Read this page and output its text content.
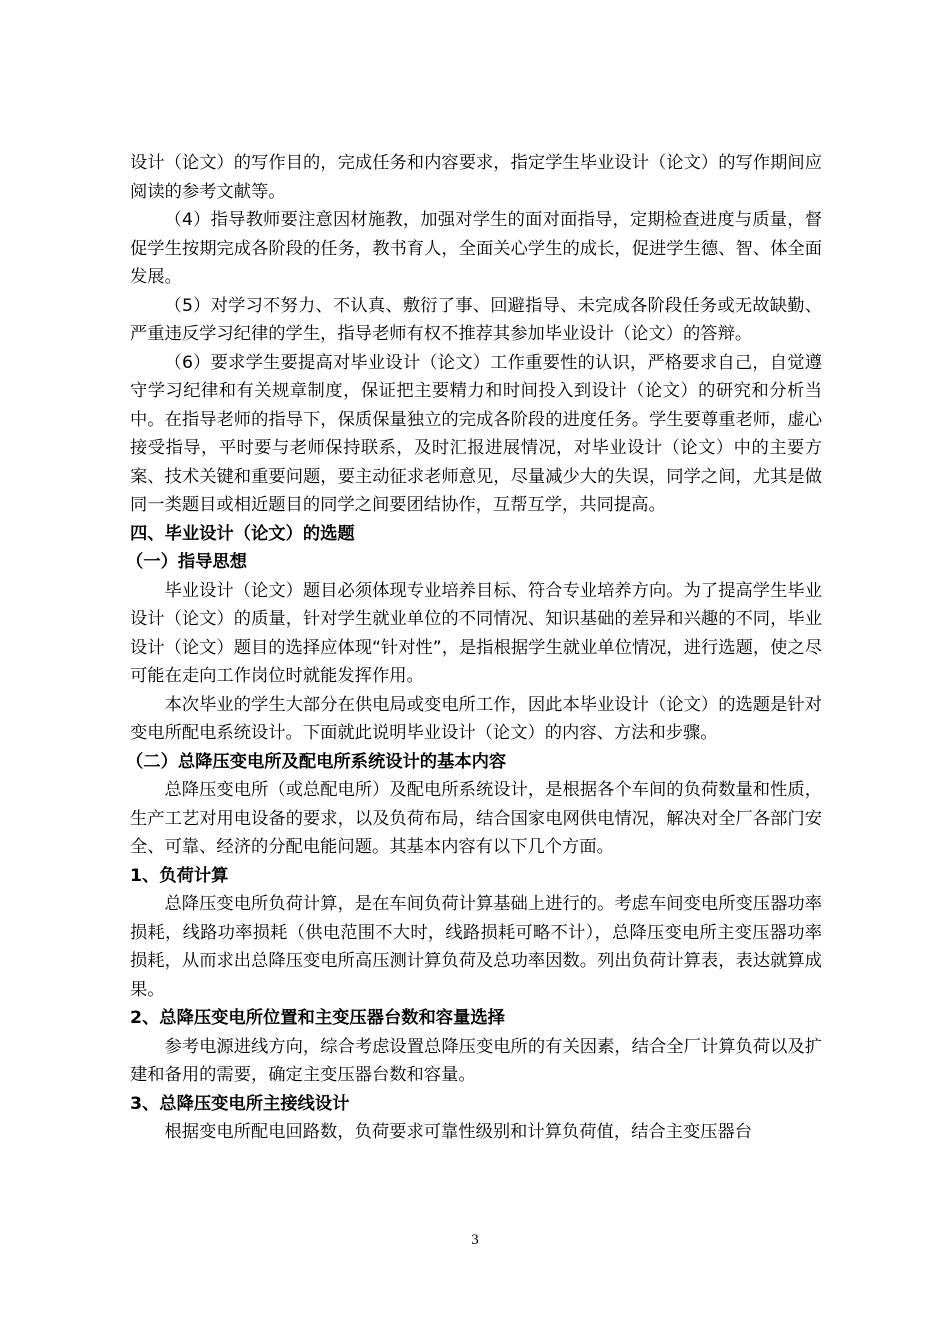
设计（论文）的写作目的，完成任务和内容要求，指定学生毕业设计（论文）的写作期间应阅读的参考文献等。

（4）指导教师要注意因材施教，加强对学生的面对面指导，定期检查进度与质量，督促学生按期完成各阶段的任务，教书育人，全面关心学生的成长，促进学生德、智、体全面发展。

（5）对学习不努力、不认真、敷衍了事、回避指导、未完成各阶段任务或无故缺勤、严重违反学习纪律的学生，指导老师有权不推荐其参加毕业设计（论文）的答辩。

（6）要求学生要提高对毕业设计（论文）工作重要性的认识，严格要求自己，自觉遵守学习纪律和有关规章制度，保证把主要精力和时间投入到设计（论文）的研究和分析当中。在指导老师的指导下，保质保量独立的完成各阶段的进度任务。学生要尊重老师，虚心接受指导，平时要与老师保持联系，及时汇报进展情况，对毕业设计（论文）中的主要方案、技术关键和重要问题，要主动征求老师意见，尽量减少大的失误，同学之间，尤其是做同一类题目或相近题目的同学之间要团结协作，互帮互学，共同提高。

四、毕业设计（论文）的选题

（一）指导思想

毕业设计（论文）题目必须体现专业培养目标、符合专业培养方向。为了提高学生毕业设计（论文）的质量，针对学生就业单位的不同情况、知识基础的差异和兴趣的不同，毕业设计（论文）题目的选择应体现“针对性”，是指根据学生就业单位情况，进行选题，使之尽可能在走向工作岗位时就能发挥作用。

本次毕业的学生大部分在供电局或变电所工作，因此本毕业设计（论文）的选题是针对变电所配电系统设计。下面就此说明毕业设计（论文）的内容、方法和步骤。

（二）总降压变电所及配电所系统设计的基本内容

总降压变电所（或总配电所）及配电所系统设计，是根据各个车间的负荷数量和性质，生产工艺对用电设备的要求，以及负荷布局，结合国家电网供电情况，解决对全厂各部门安全、可靠、经济的分配电能问题。其基本内容有以下几个方面。

1、负荷计算

总降压变电所负荷计算，是在车间负荷计算基础上进行的。考虑车间变电所变压器功率损耗，线路功率损耗（供电范围不大时，线路损耗可略不计），总降压变电所主变压器功率损耗，从而求出总降压变电所高压测计算负荷及总功率因数。列出负荷计算表，表达就算成果。

2、总降压变电所位置和主变压器台数和容量选择

参考电源进线方向，综合考虑设置总降压变电所的有关因素，结合全厂计算负荷以及扩建和备用的需要，确定主变压器台数和容量。

3、总降压变电所主接线设计

根据变电所配电回路数，负荷要求可靠性级别和计算负荷值，结合主变压器台

3
